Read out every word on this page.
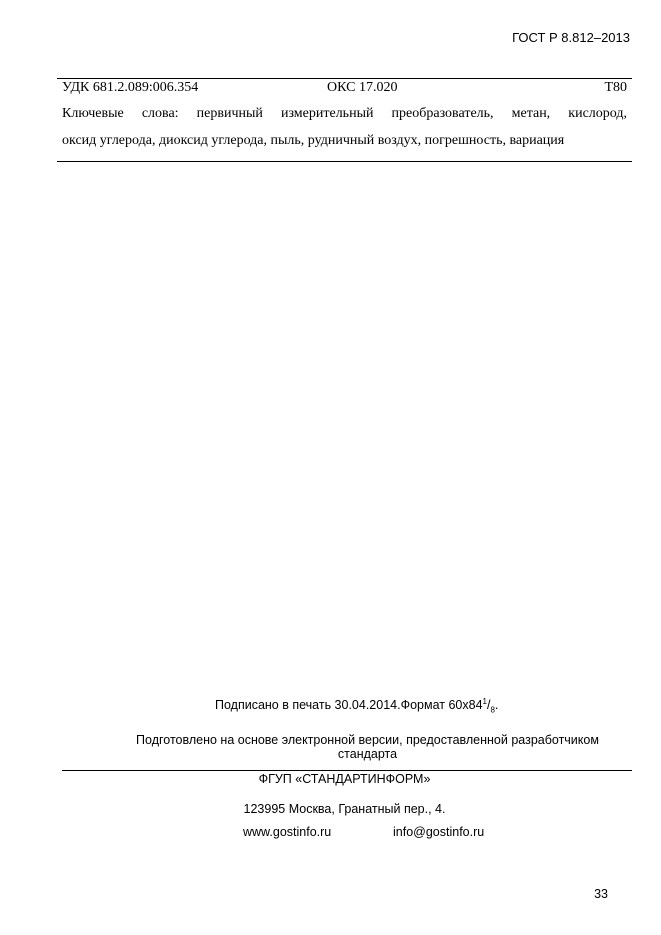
ГОСТ Р 8.812–2013
УДК 681.2.089:006.354	ОКС 17.020	Т80
Ключевые слова: первичный измерительный преобразователь, метан, кислород,
оксид углерода, диоксид углерода, пыль, рудничный воздух, погрешность, вариация
Подписано в печать 30.04.2014.Формат $60x84^1/_8$.
Подготовлено на основе электронной версии, предоставленной разработчиком стандарта
ФГУП «СТАНДАРТИНФОРМ»
123995 Москва, Гранатный пер., 4.
www.gostinfo.ru	info@gostinfo.ru
33
